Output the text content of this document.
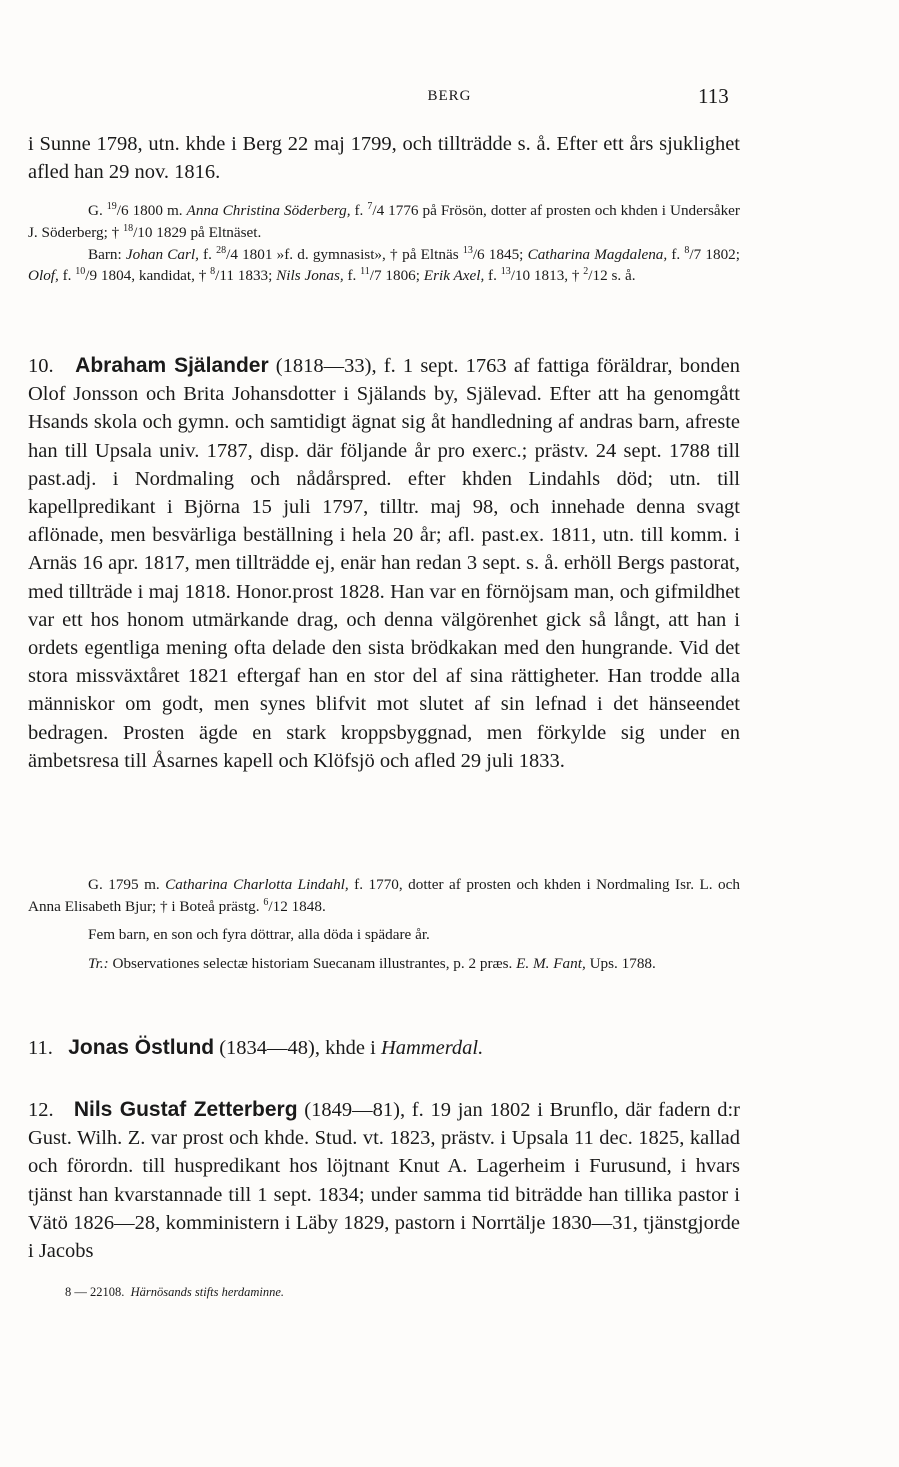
BERG	113

i Sunne 1798, utn. khde i Berg 22 maj 1799, och tillträdde s. å. Efter ett års sjuklighet afled han 29 nov. 1816.

G. $^{19}$/6 1800 m. Anna Christina Söderberg, f. $^7$/4 1776 på Frösön, dotter af prosten och khden i Undersåker J. Söderberg; † $^{18}$/10 1829 på Eltnäset.

Barn: Johan Carl, f. $^{28}$/4 1801 »f. d. gymnasist», † på Eltnäs $^{13}$/6 1845; Catharina Magdalena, f. $^8$/7 1802; Olof, f. $^{10}$/9 1804, kandidat, † $^8$/11 1833; Nils Jonas, f. $^{11}$/7 1806; Erik Axel, f. $^{13}$/10 1813, † $^2$/12 s. å.

10. Abraham Själander (1818—33), f. 1 sept. 1763 af fattiga föräldrar, bonden Olof Jonsson och Brita Johansdotter i Själands by, Själevad. Efter att ha genomgått Hsands skola och gymn. och samtidigt ägnat sig åt handledning af andras barn, afreste han till Upsala univ. 1787, disp. där följande år pro exerc.; prästv. 24 sept. 1788 till past.adj. i Nordmaling och nådårspred. efter khden Lindahls död; utn. till kapellpredikant i Björna 15 juli 1797, tilltr. maj 98, och innehade denna svagt aflönade, men besvärliga beställning i hela 20 år; afl. past.ex. 1811, utn. till komm. i Arnäs 16 apr. 1817, men tillträdde ej, enär han redan 3 sept. s. å. erhöll Bergs pastorat, med tillträde i maj 1818. Honor.prost 1828. Han var en förnöjsam man, och gifmildhet var ett hos honom utmärkande drag, och denna välgörenhet gick så långt, att han i ordets egentliga mening ofta delade den sista brödkakan med den hungrande. Vid det stora missväxtåret 1821 eftergaf han en stor del af sina rättigheter. Han trodde alla människor om godt, men synes blifvit mot slutet af sin lefnad i det hänseendet bedragen. Prosten ägde en stark kroppsbyggnad, men förkylde sig under en ämbetsresa till Åsarnes kapell och Klöfsjö och afled 29 juli 1833.

G. 1795 m. Catharina Charlotta Lindahl, f. 1770, dotter af prosten och khden i Nordmaling Isr. L. och Anna Elisabeth Bjur; † i Boteå prästg. $^6$/12 1848.

Fem barn, en son och fyra döttrar, alla döda i spädare år.

Tr.: Observationes selectæ historiam Suecanam illustrantes, p. 2 præs. E. M. Fant, Ups. 1788.

11. Jonas Östlund (1834—48), khde i Hammerdal.

12. Nils Gustaf Zetterberg (1849—81), f. 19 jan 1802 i Brunflo, där fadern d:r Gust. Wilh. Z. var prost och khde. Stud. vt. 1823, prästv. i Upsala 11 dec. 1825, kallad och förordn. till huspredikant hos löjtnant Knut A. Lagerheim i Furusund, i hvars tjänst han kvarstannade till 1 sept. 1834; under samma tid biträdde han tillika pastor i Vätö 1826—28, komministern i Läby 1829, pastorn i Norrtälje 1830—31, tjänstgjorde i Jacobs

8 — 22108. Härnösands stifts herdaminne.
